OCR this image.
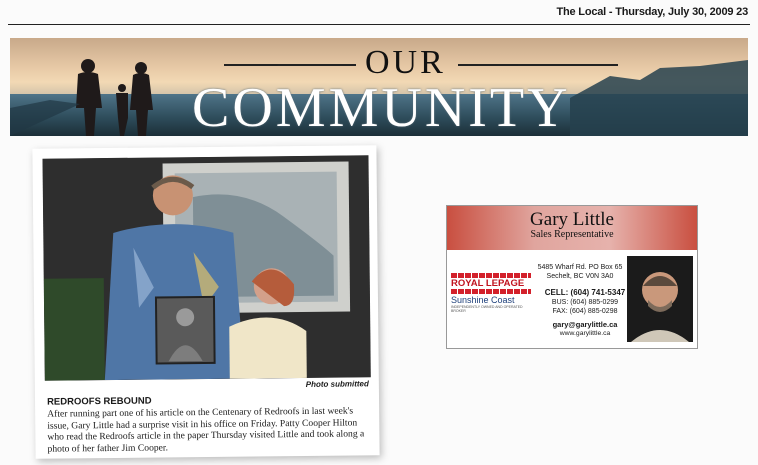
The Local - Thursday, July 30, 2009 23
OUR
COMMUNITY
Photo submitted
REDROOFS REBOUND
After running part one of his article on the Centenary of Redroofs in last week's issue, Gary Little had a surprise visit in his office on Friday. Patty Cooper Hilton who read the Redroofs article in the paper Thursday visited Little and took along a photo of her father Jim Cooper.
Gary Little
Sales Representative
ROYAL LEPAGE
Sunshine Coast
INDEPENDENTLY OWNED AND OPERATED BROKER
5485 Wharf Rd. PO Box 65
Sechelt, BC V0N 3A0
CELL: (604) 741-5347
BUS: (604) 885-0299
FAX: (604) 885-0298
gary@garylittle.ca
www.garylittle.ca
